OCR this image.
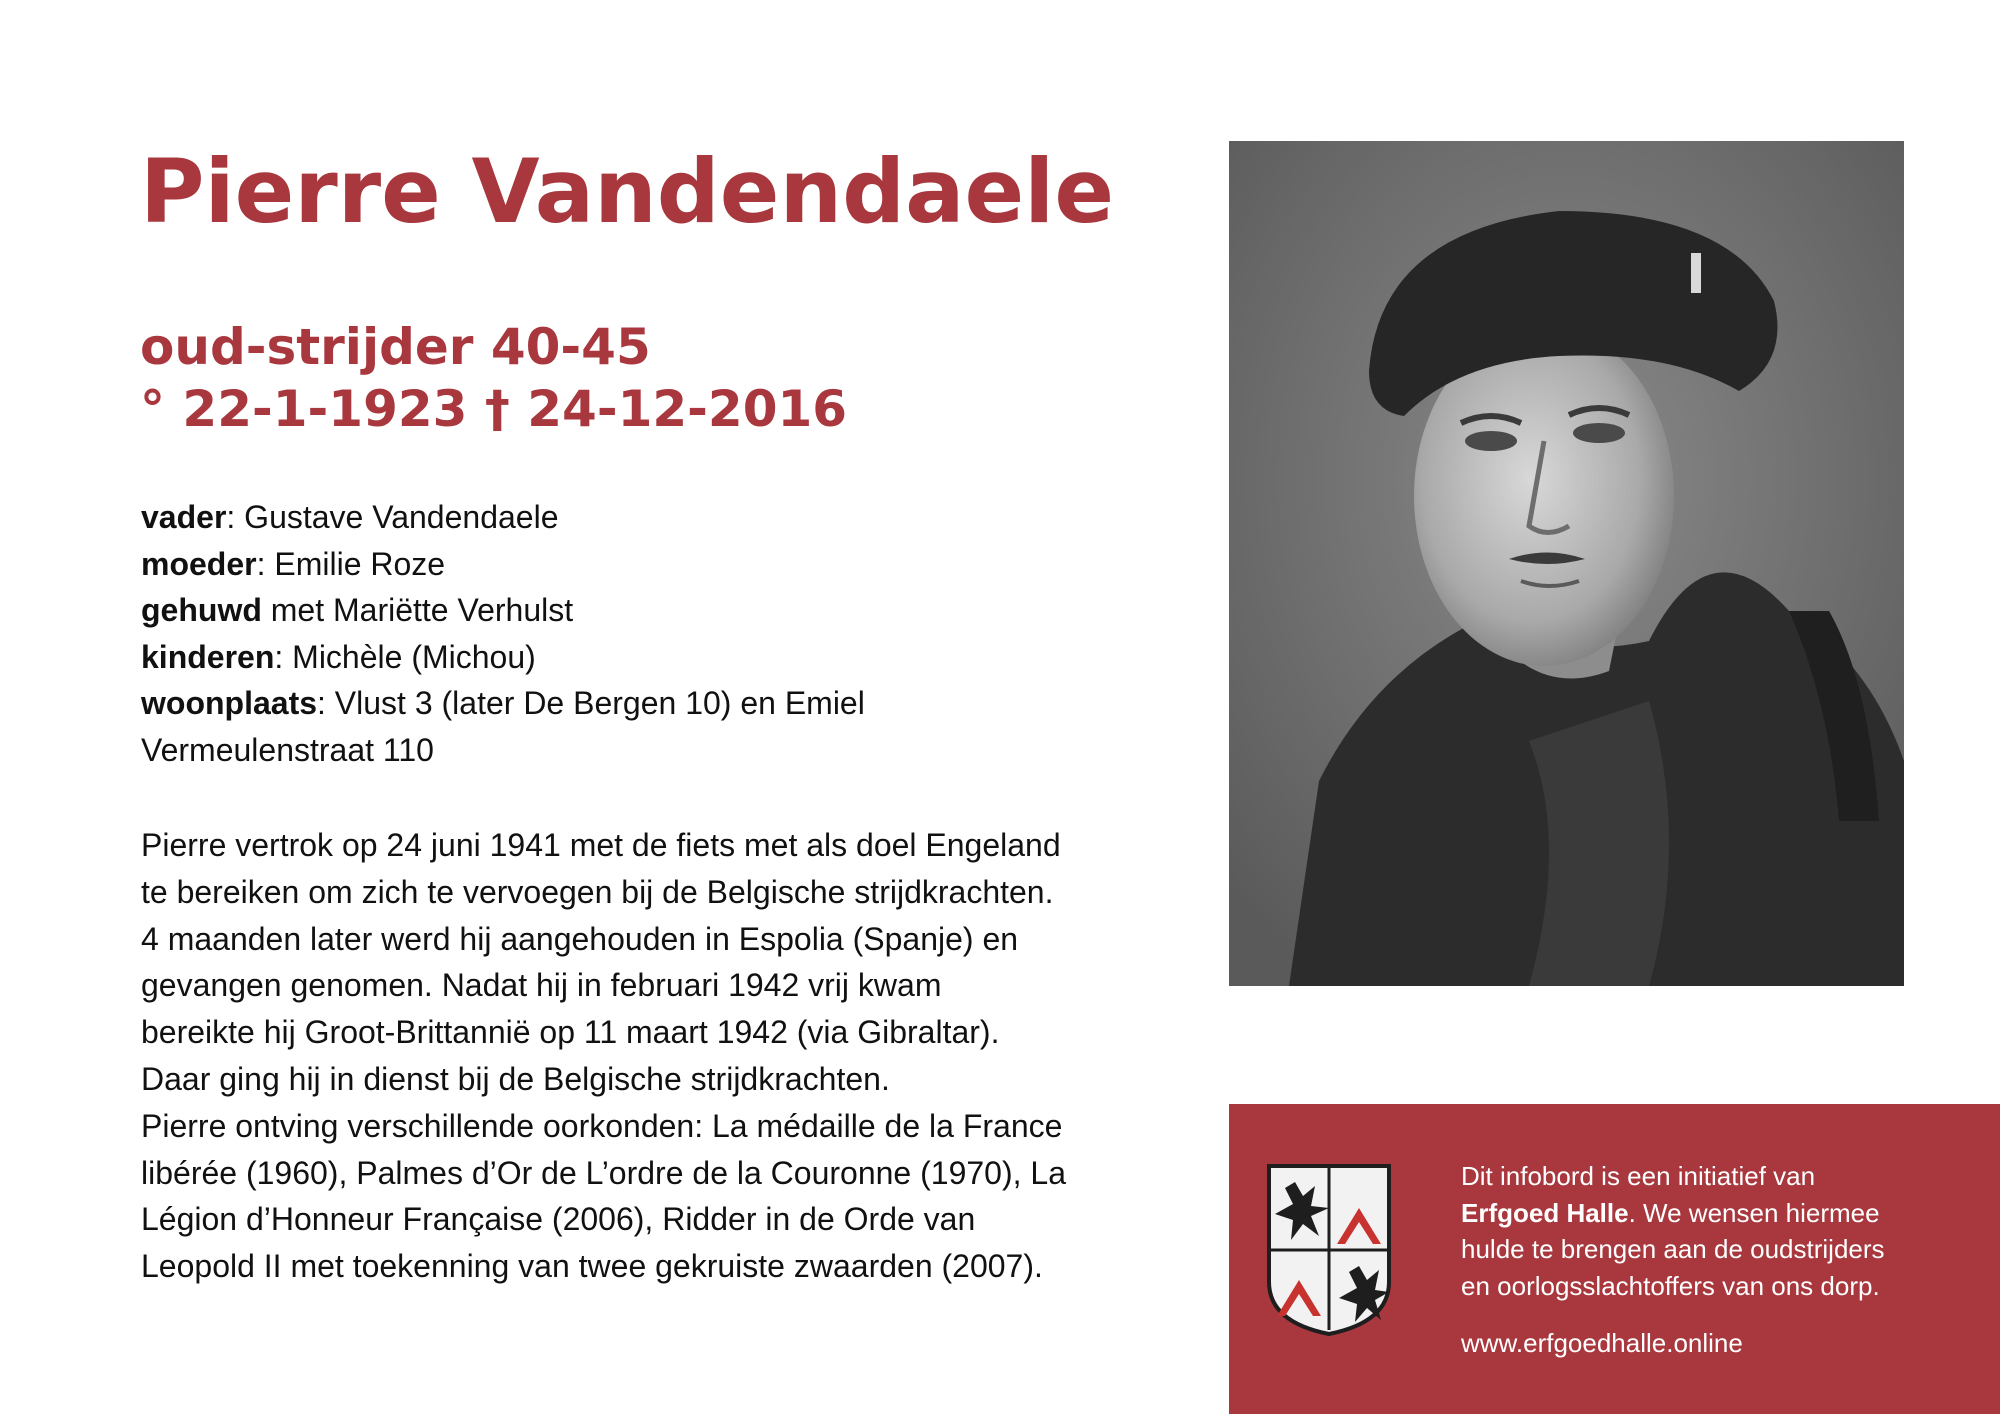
Pierre Vandendaele
oud-strijder 40-45
° 22-1-1923 † 24-12-2016
vader: Gustave Vandendaele
moeder: Emilie Roze
gehuwd met Mariëtte Verhulst
kinderen: Michèle (Michou)
woonplaats: Vlust 3 (later De Bergen 10) en Emiel
Vermeulenstraat 110
Pierre vertrok op 24 juni 1941 met de fiets met als doel Engeland
te bereiken om zich te vervoegen bij de Belgische strijdkrachten.
4 maanden later werd hij aangehouden in Espolia (Spanje) en
gevangen genomen. Nadat hij in februari 1942 vrij kwam
bereikte hij Groot-Brittannië op 11 maart 1942 (via Gibraltar).
Daar ging hij in dienst bij de Belgische strijdkrachten.
Pierre ontving verschillende oorkonden: La médaille de la France
libérée (1960), Palmes d’Or de L’ordre de la Couronne (1970), La
Légion d’Honneur Française (2006), Ridder in de Orde van
Leopold II met toekenning van twee gekruiste zwaarden (2007).
Dit infobord is een initiatief van
Erfgoed Halle. We wensen hiermee
hulde te brengen aan de oudstrijders
en oorlogsslachtoffers van ons dorp.
www.erfgoedhalle.online
